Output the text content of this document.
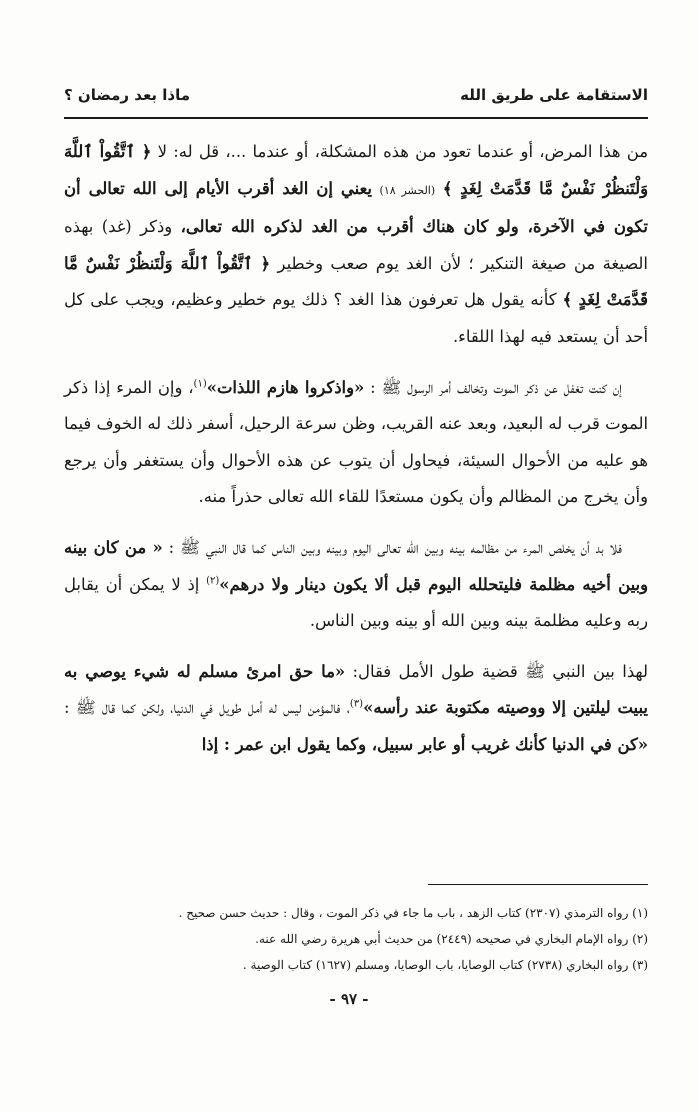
الاستقامة على طريق الله
ماذا بعد رمضان ؟

من هذا المرض، أو عندما تعود من هذه المشكلة، أو عندما ...، قل له: لا ﴿ ٱتَّقُواْ ٱللَّهَ وَلْتَنظُرْ نَفْسٌ مَّا قَدَّمَتْ لِغَدٍ ﴾ (الحشر ١٨) يعني إن الغد أقرب الأيام إلى الله تعالى أن تكون في الآخرة، ولو كان هناك أقرب من الغد لذكره الله تعالى، وذكر (غد) بهذه الصيغة من صيغة التنكير ؛ لأن الغد يوم صعب وخطير ﴿ ٱتَّقُواْ ٱللَّهَ وَلْتَنظُرْ نَفْسٌ مَّا قَدَّمَتْ لِغَدٍ ﴾ كأنه يقول هل تعرفون هذا الغد ؟ ذلك يوم خطير وعظيم، ويجب على كل أحد أن يستعد فيه لهذا اللقاء.

إن كنت تغفل عن ذكر الموت وتخالف أمر الرسول ﷺ : «واذكروا هازم اللذات»$^{(١)}$، وإن المرء إذا ذكر الموت قرب له البعيد، وبعد عنه القريب، وظن سرعة الرحيل، أسفر ذلك له الخوف فيما هو عليه من الأحوال السيئة، فيحاول أن يتوب عن هذه الأحوال وأن يستغفر وأن يرجع وأن يخرج من المظالم وأن يكون مستعدًا للقاء الله تعالى حذراً منه.

فلا بد أن يخلص المرء من مظالمه بينه وبين الله تعالى اليوم وبينه وبين الناس كما قال النبي ﷺ : « من كان بينه وبين أخيه مظلمة فليتحلله اليوم قبل ألا يكون دينار ولا درهم»$^{(٢)}$ إذ لا يمكن أن يقابل ربه وعليه مظلمة بينه وبين الله أو بينه وبين الناس.

لهذا بين النبي ﷺ قضية طول الأمل فقال: «ما حق امرئ مسلم له شيء يوصي به يبيت ليلتين إلا ووصيته مكتوبة عند رأسه»$^{(٣)}$، فالمؤمن ليس له أمل طويل في الدنيا، ولكن كما قال ﷺ : «كن في الدنيا كأنك غريب أو عابر سبيل، وكما يقول ابن عمر : إذا

(١) رواه الترمذي (٢٣٠٧) كتاب الزهد ، باب ما جاء في ذكر الموت ، وقال : حديث حسن صحيح .
(٢) رواه الإمام البخاري في صحيحه (٢٤٤٩) من حديث أبي هريرة رضي الله عنه.
(٣) رواه البخاري (٢٧٣٨) كتاب الوصايا، باب الوصايا، ومسلم (١٦٢٧) كتاب الوصية .
- ٩٧ -
